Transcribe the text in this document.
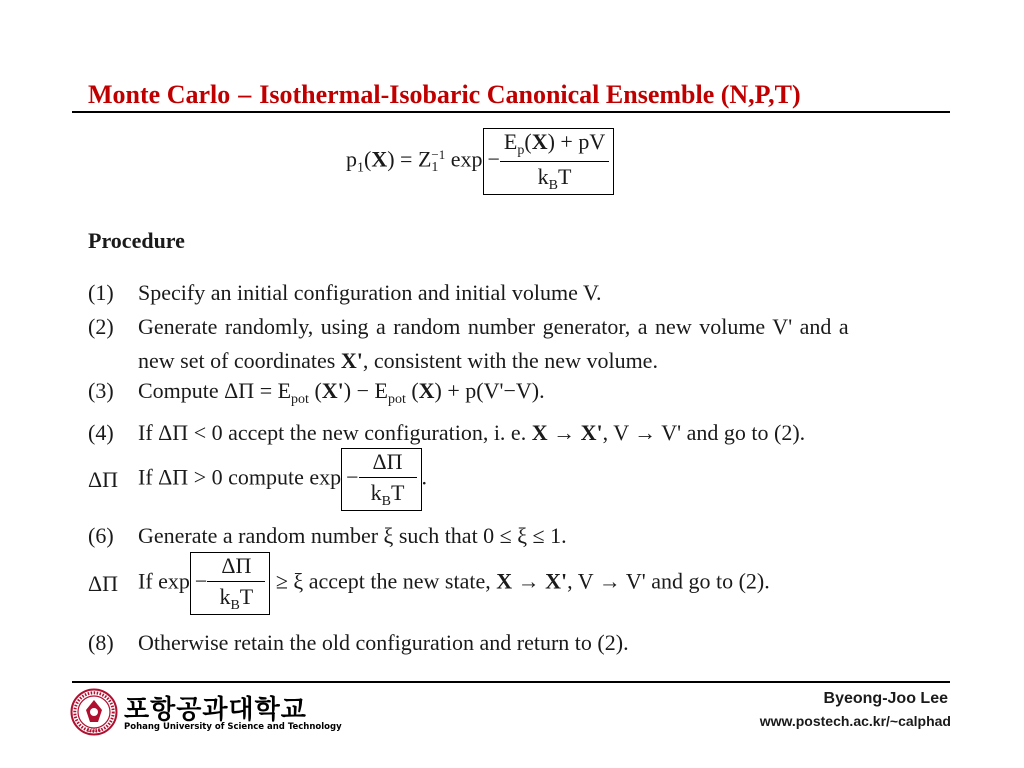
Monte Carlo – Isothermal-Isobaric Canonical Ensemble (N,P,T)
$p_1(X) = Z -1$
1 $\exp - \frac{E_p(X) + pV}{k_BT}$
Procedure
(1) Specify an initial configuration and initial volume V.
(2) Generate randomly, using a random number generator, a new volume V' and a
new set of coordinates X', consistent with the new volume.
(3) Compute $\Delta\Pi = E_{pot}$ $(X') - E_{pot}$ (X) + p(V'−V).
(4) If ΔΠ < 0 accept the new configuration, i. e. X → X', V → V' and go to (2).
ΔΠ If ΔΠ > 0 compute $\exp -\frac{\Delta\Pi}{k_BT}$ .
(6) Generate a random number ξ such that 0 ≤ ξ ≤ 1.
ΔΠ If $\exp -\frac{\Delta\Pi}{k_BT} \ge \xi$ accept the new state, X → X', V → V' and go to (2).
(8) Otherwise retain the old configuration and return to (2).
1986
포항공과대학교
Pohang University of Science and Technology
Byeong-Joo Lee
www.postech.ac.kr/~calphad
